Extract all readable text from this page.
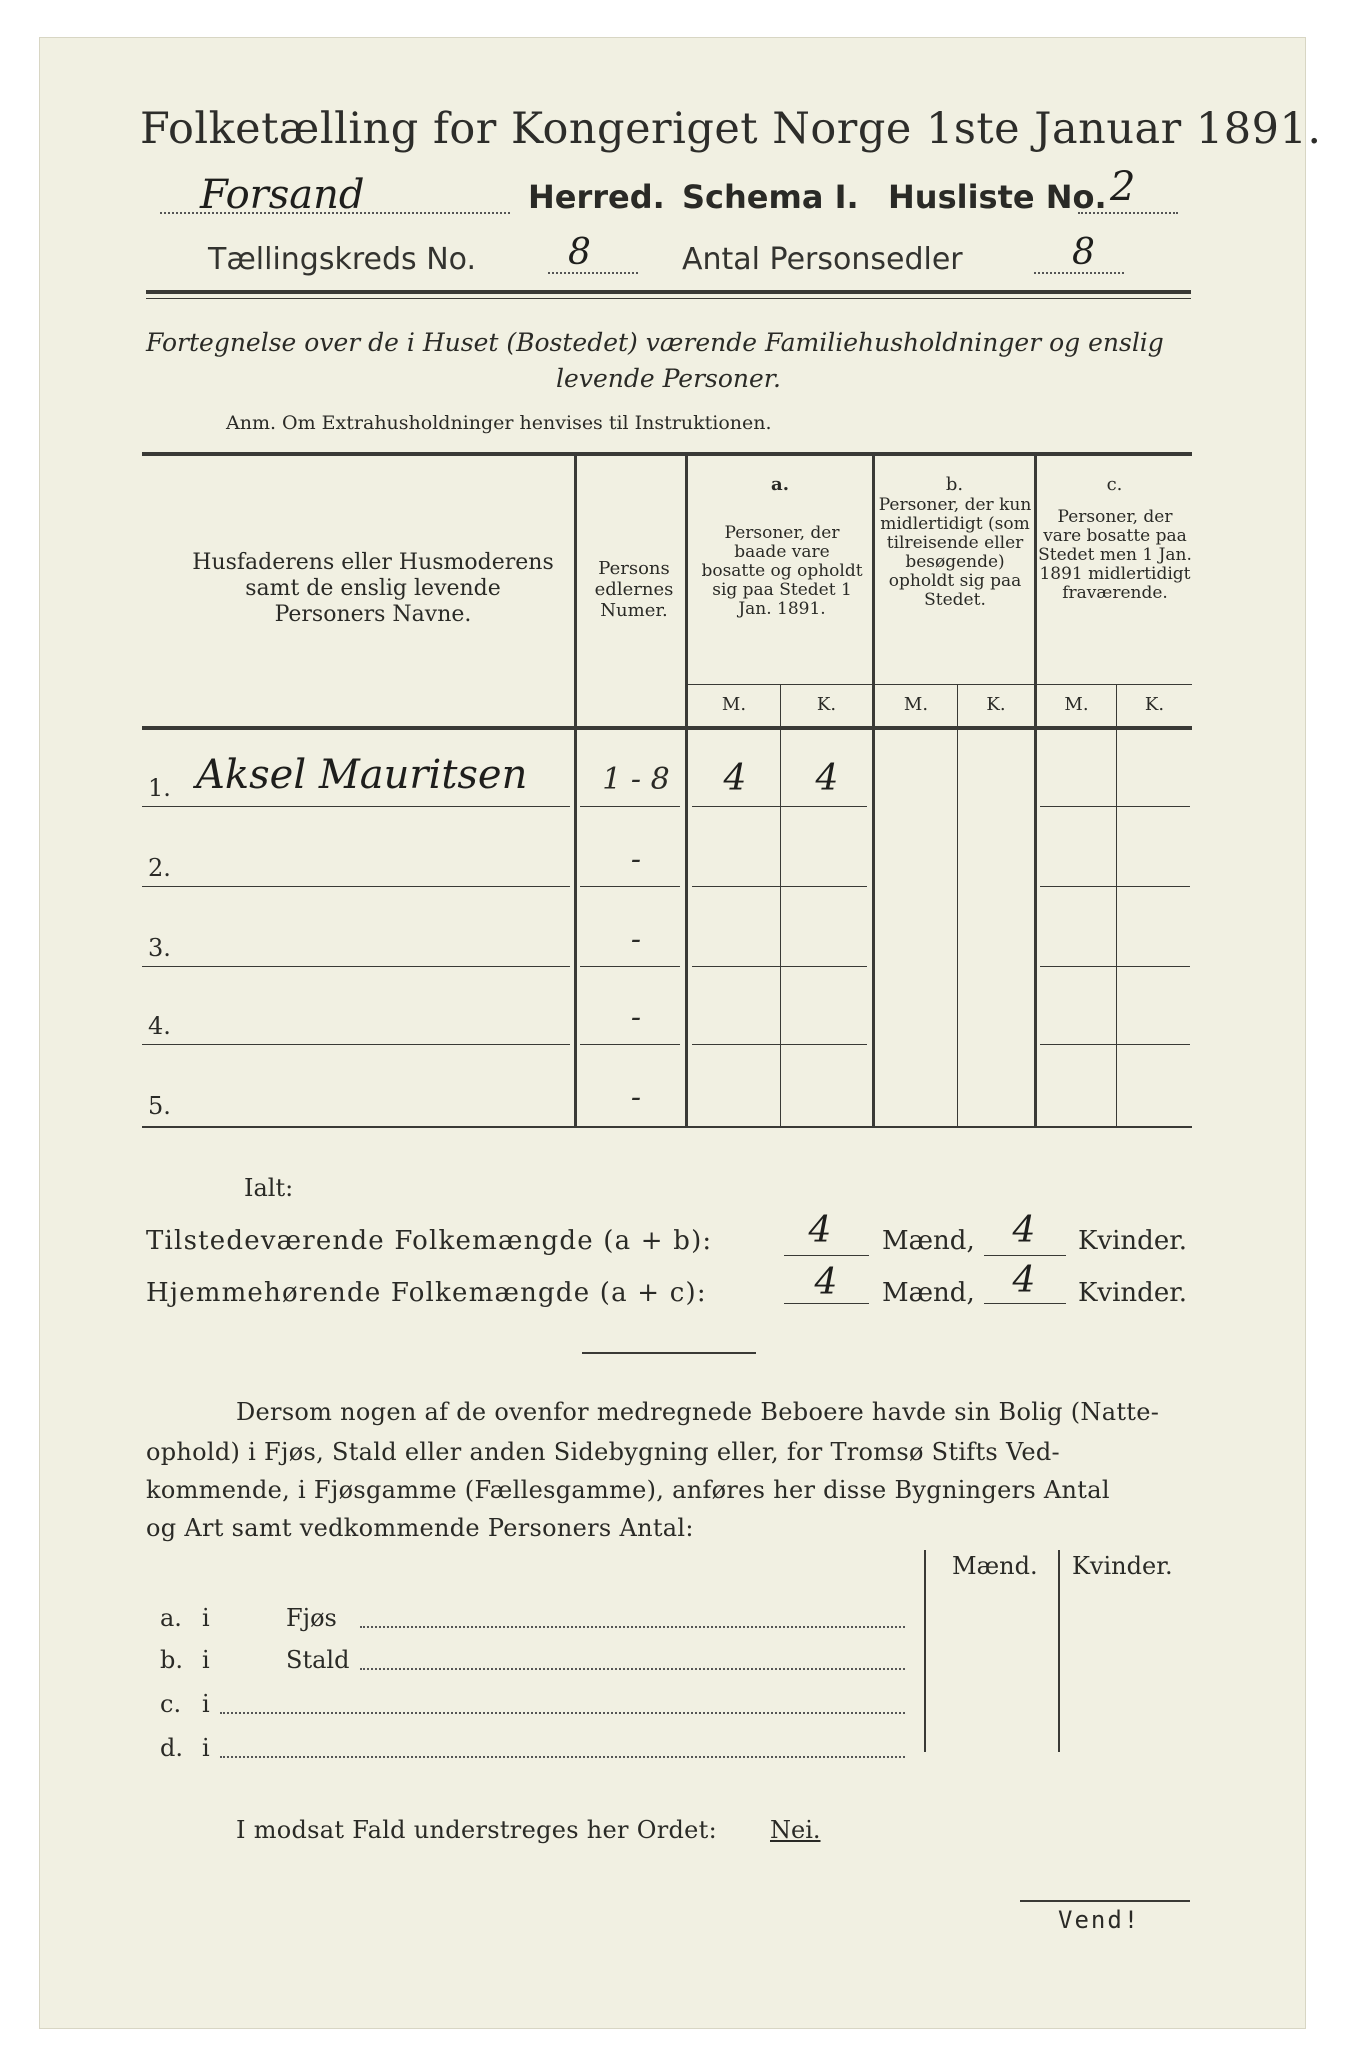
Folketælling for Kongeriget Norge 1ste Januar 1891.
Forsand	Herred. Schema I. Husliste No. 2
Tællingskreds No.	8	Antal Personsedler	8
Fortegnelse over de i Huset (Bostedet) værende Familiehusholdninger og enslig
levende Personer.
Anm. Om Extrahusholdninger henvises til Instruktionen.
Husfaderens eller Husmoderens samt de enslig levende Personers Navne.
Personsedlernes Numer.
a.
Personer, der baade vare bosatte og opholdt sig paa Stedet 1 Jan. 1891.
b.
Personer, der kun midlertidigt (som tilreisende eller besøgende) opholdt sig paa Stedet.
c.
Personer, der vare bosatte paa Stedet men 1 Jan. 1891 midlertidigt fraværende.
M.	K.	M.	K.	M.	K.
1. Aksel Mauritsen	1 - 8	4	4
2.	-
3.	-
4.	-
5.	-
Ialt:
Tilstedeværende Folkemængde (a + b):	4	Mænd,	4	Kvinder.
Hjemmehørende Folkemængde (a + c):	4	Mænd,	4	Kvinder.
Dersom nogen af de ovenfor medregnede Beboere havde sin Bolig (Natte-
ophold) i Fjøs, Stald eller anden Sidebygning eller, for Tromsø Stifts Ved-
kommende, i Fjøsgamme (Fællesgamme), anføres her disse Bygningers Antal
og Art samt vedkommende Personers Antal:
Mænd. Kvinder.
a. i	Fjøs
b. i	Stald
c. i
d. i
I modsat Fald understreges her Ordet: Nei.
Vend!
